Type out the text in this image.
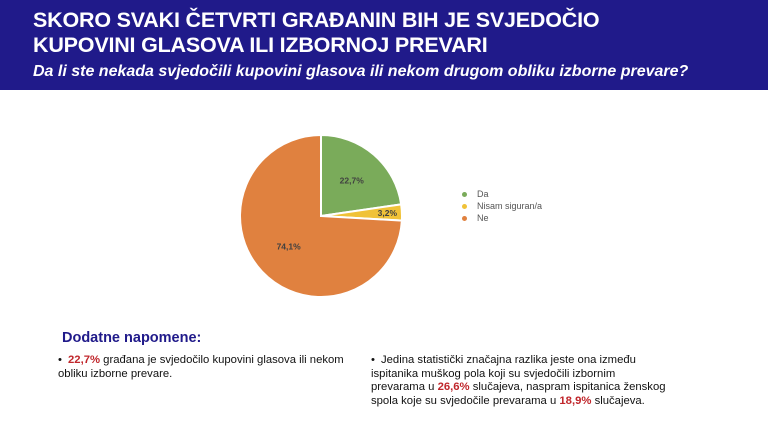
SKORO SVAKI ČETVRTI GRAĐANIN BIH JE SVJEDOČIO
KUPOVINI GLASOVA ILI IZBORNOJ PREVARI
Da li ste nekada svjedočili kupovini glasova ili nekom drugom obliku izborne prevare?
22,7%
3,2%
74,1%
Da
Nisam siguran/a
Ne
Dodatne napomene:
• 22,7% građana je svjedočilo kupovini glasova ili nekom obliku izborne prevare.
• Jedina statistički značajna razlika jeste ona između ispitanika muškog pola koji su svjedočili izbornim prevarama u 26,6% slučajeva, naspram ispitanica ženskog spola koje su svjedočile prevarama u 18,9% slučajeva.
